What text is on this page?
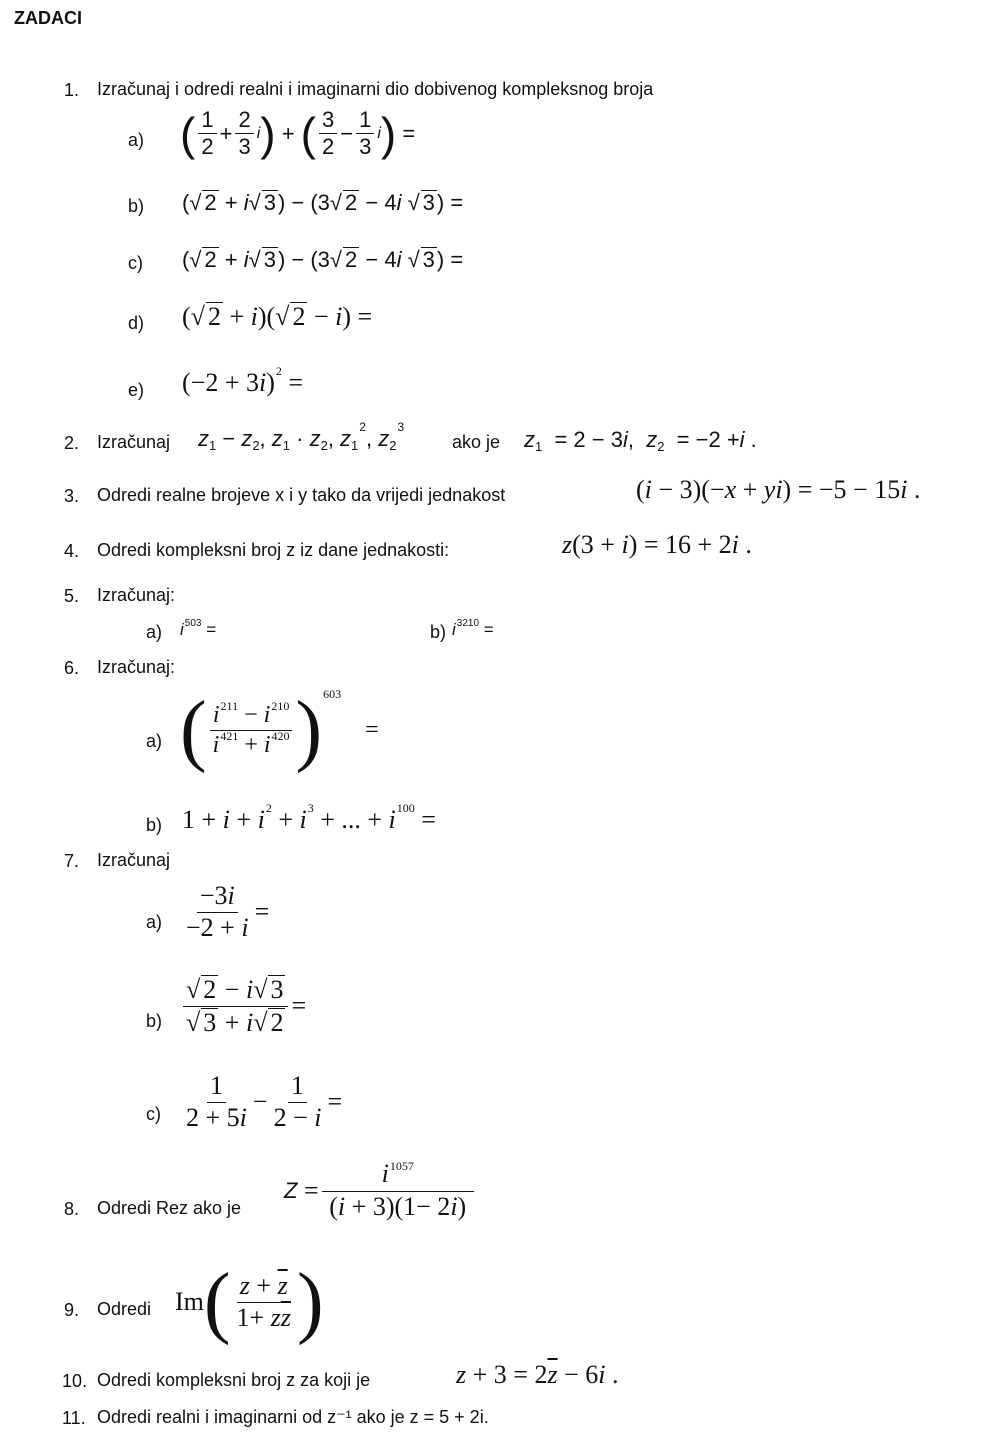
ZADACI
1. Izračunaj i odredi realni i imaginarni dio dobivenog kompleksnog broja
a) ( $\frac{1}{2} + \frac{2}{3}$ i ) + ( $\frac{3}{2} - \frac{1}{3}$ i ) =
b) (√ 2 + i √ 3 ) − (3√ 2 − 4 i √ 3 ) =
c) (√ 2 + i √ 3 ) − (3√ 2 − 4 i √ 3 ) =
d) (√ 2 + i )(√ 2 − i ) =
e) (−2 + 3 i ) 2 =
2. Izračunaj z 1 − z 2 , z 1 · z 2 , z 1
2 , z 2
3
ako je z 1 = 2 − 3 i , z 2 = −2 + i .
3. Odredi realne brojeve x i y tako da vrijedi jednakost	( i − 3)(− x + yi ) = −5 − 15 i .
4. Odredi kompleksni broj z iz dane jednakosti:	z (3 + i ) = 16 + 2 i .
5. Izračunaj:
a) $i^{503}$ =	b) $i^{3210}$ =
6. Izračunaj:
a) ( $\frac{i^{211} - i^{210}}{i^{421} + i^{420}}$ ) 603
=
b) 1 + i + i 2 + i 3 + ... + i 100 =
7. Izračunaj
$a) \frac{-3i}{-2 + i}$ =
$b) \frac{√ 2 - i√ 3}{√ 3 + i√ 2}$ =
$c) \frac{1}{2 + 5i} - \frac{1}{2 - i}$ =
8. Odredi Rez ako je
$Z = \frac{i^{1057}}{(i + 3)(1- 2i)}$
9. Odredi Im ( $\frac{z + \overline{z}}{1+ z\overline{z}}$ )
10. Odredi kompleksni broj z za koji je	z + 3 = 2 $\overline{z} - 6$ i .
11. Odredi realni i imaginarni od z⁻¹ ako je z = 5 + 2i.
